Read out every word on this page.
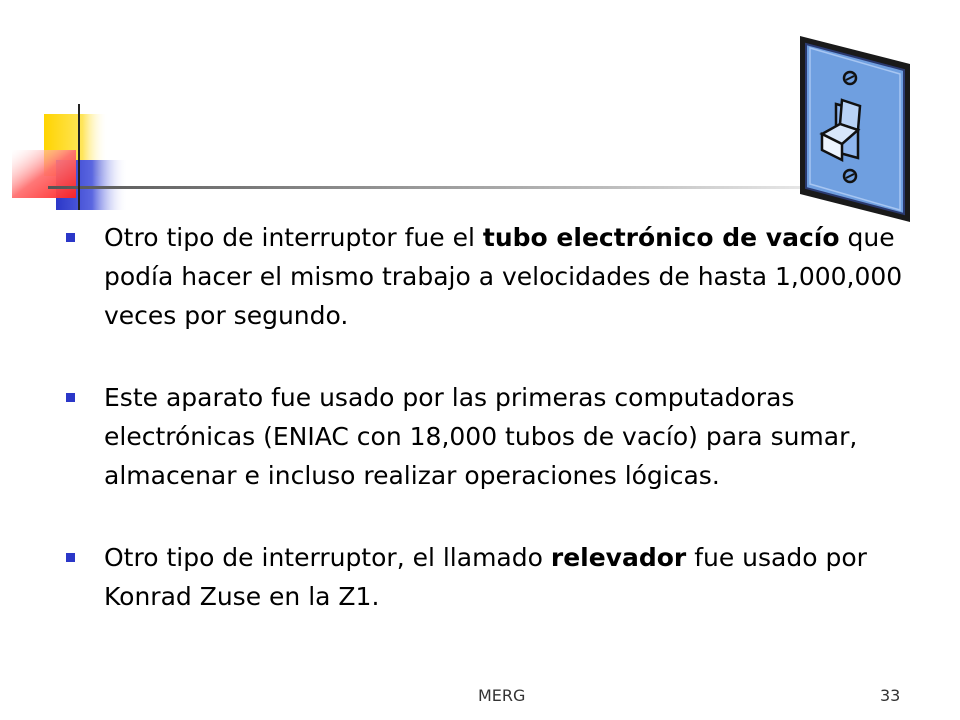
Otro tipo de interruptor fue el tubo electrónico de vacío que podía hacer el mismo trabajo a velocidades de hasta 1,000,000 veces por segundo.
Este aparato fue usado por las primeras computadoras electrónicas (ENIAC con 18,000 tubos de vacío) para sumar, almacenar e incluso realizar operaciones lógicas.
Otro tipo de interruptor, el llamado relevador fue usado por Konrad Zuse en la Z1.
MERG	33
